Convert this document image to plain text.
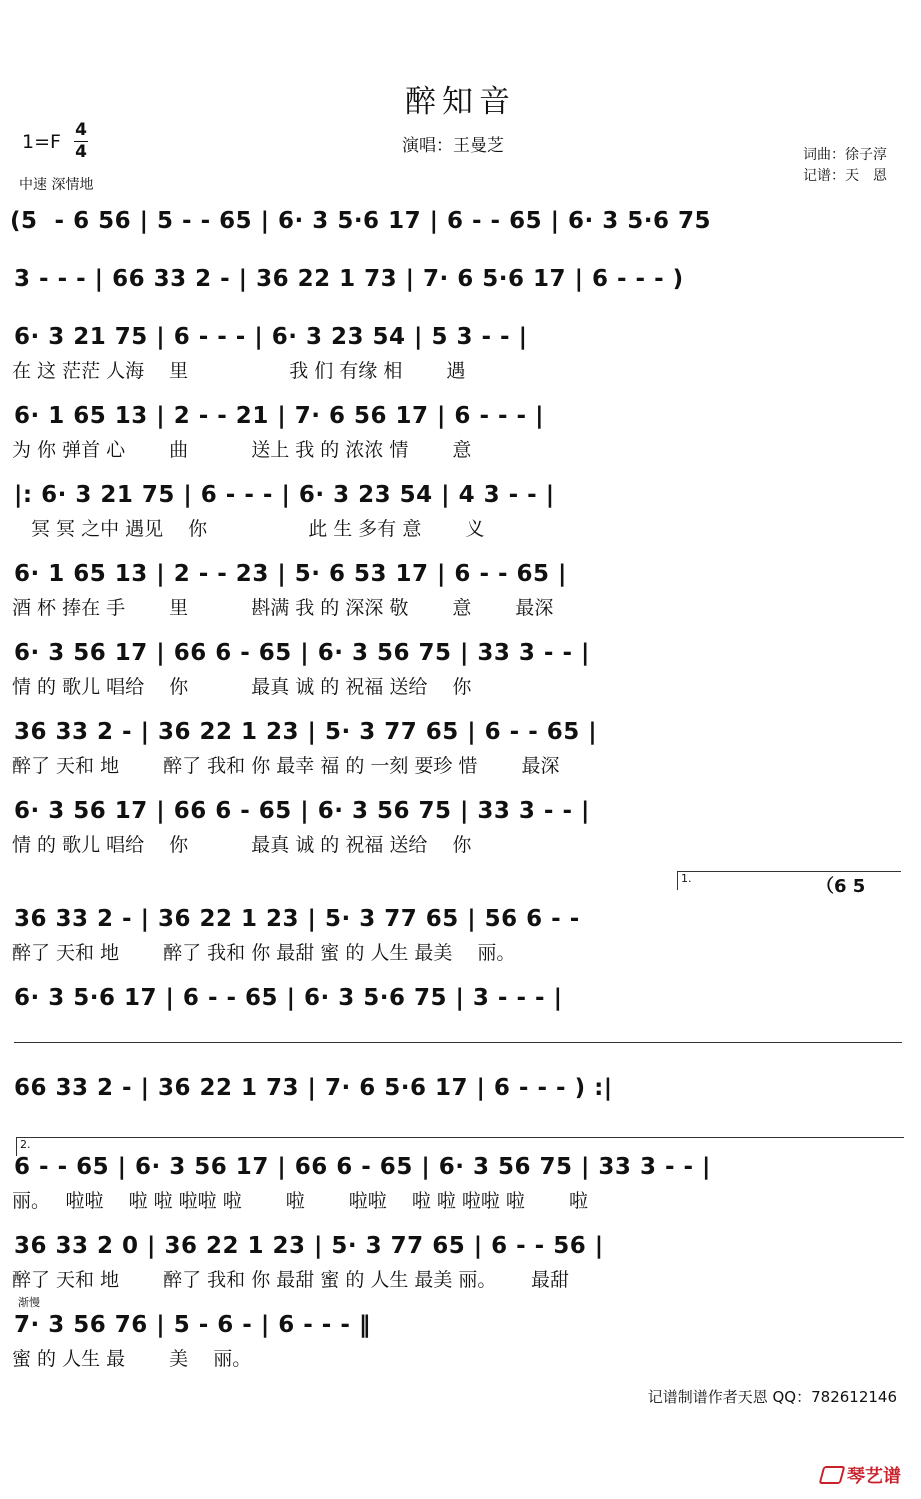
醉知音
1=F
4
4	演唱：王曼芝	词曲：徐子淳
记谱：天　恩
中速 深情地
(5  - 6 56 | 5 - - 65 | 6· 3 5·6 17 | 6 - - 65 | 6· 3 5·6 75
3 - - - | 66 33 2 - | 36 22 1 73 | 7· 6 5·6 17 | 6 - - - )
6· 3 21 75 | 6 - - - | 6· 3 23 54 | 5 3 - - |
在 这 茫茫 人海　 里　　　　　 我 们 有缘 相　　 遇
6· 1 65 13 | 2 - - 21 | 7· 6 56 17 | 6 - - - |
为 你 弹首 心　　 曲　　　 送上 我 的 浓浓 情　　 意
|: 6· 3 21 75 | 6 - - - | 6· 3 23 54 | 4 3 - - |
　冥 冥 之中 遇见　 你　　　　　 此 生 多有 意　　 义
6· 1 65 13 | 2 - - 23 | 5· 6 53 17 | 6 - - 65 |
酒 杯 捧在 手　　 里　　　 斟满 我 的 深深 敬　　 意　　 最深
6· 3 56 17 | 66 6 - 65 | 6· 3 56 75 | 33 3 - - |
情 的 歌儿 唱给　 你　　　 最真 诚 的 祝福 送给　 你
36 33 2 - | 36 22 1 23 | 5· 3 77 65 | 6 - - 65 |
醉了 天和 地　　 醉了 我和 你 最幸 福 的 一刻 要珍 惜　　 最深
6· 3 56 17 | 66 6 - 65 | 6· 3 56 75 | 33 3 - - |
情 的 歌儿 唱给　 你　　　 最真 诚 的 祝福 送给　 你
1.	（6 5
36 33 2 - | 36 22 1 23 | 5· 3 77 65 | 56 6 - -
醉了 天和 地　　 醉了 我和 你 最甜 蜜 的 人生 最美　 丽。
6· 3 5·6 17 | 6 - - 65 | 6· 3 5·6 75 | 3 - - - |
66 33 2 - | 36 22 1 73 | 7· 6 5·6 17 | 6 - - - ) :|
2.
6 - - 65 | 6· 3 56 17 | 66 6 - 65 | 6· 3 56 75 | 33 3 - - |
丽。　 啦啦　 啦 啦 啦啦 啦　　 啦　　 啦啦　 啦 啦 啦啦 啦　　 啦
36 33 2 0 | 36 22 1 23 | 5· 3 77 65 | 6 - - 56 |
醉了 天和 地　　 醉了 我和 你 最甜 蜜 的 人生 最美 丽。　　 最甜
渐慢
7· 3 56 76 | 5 - 6 - | 6 - - - ‖
蜜 的 人生 最　　 美　 丽。
记谱制谱作者天恩 QQ：782612146
琴艺谱
